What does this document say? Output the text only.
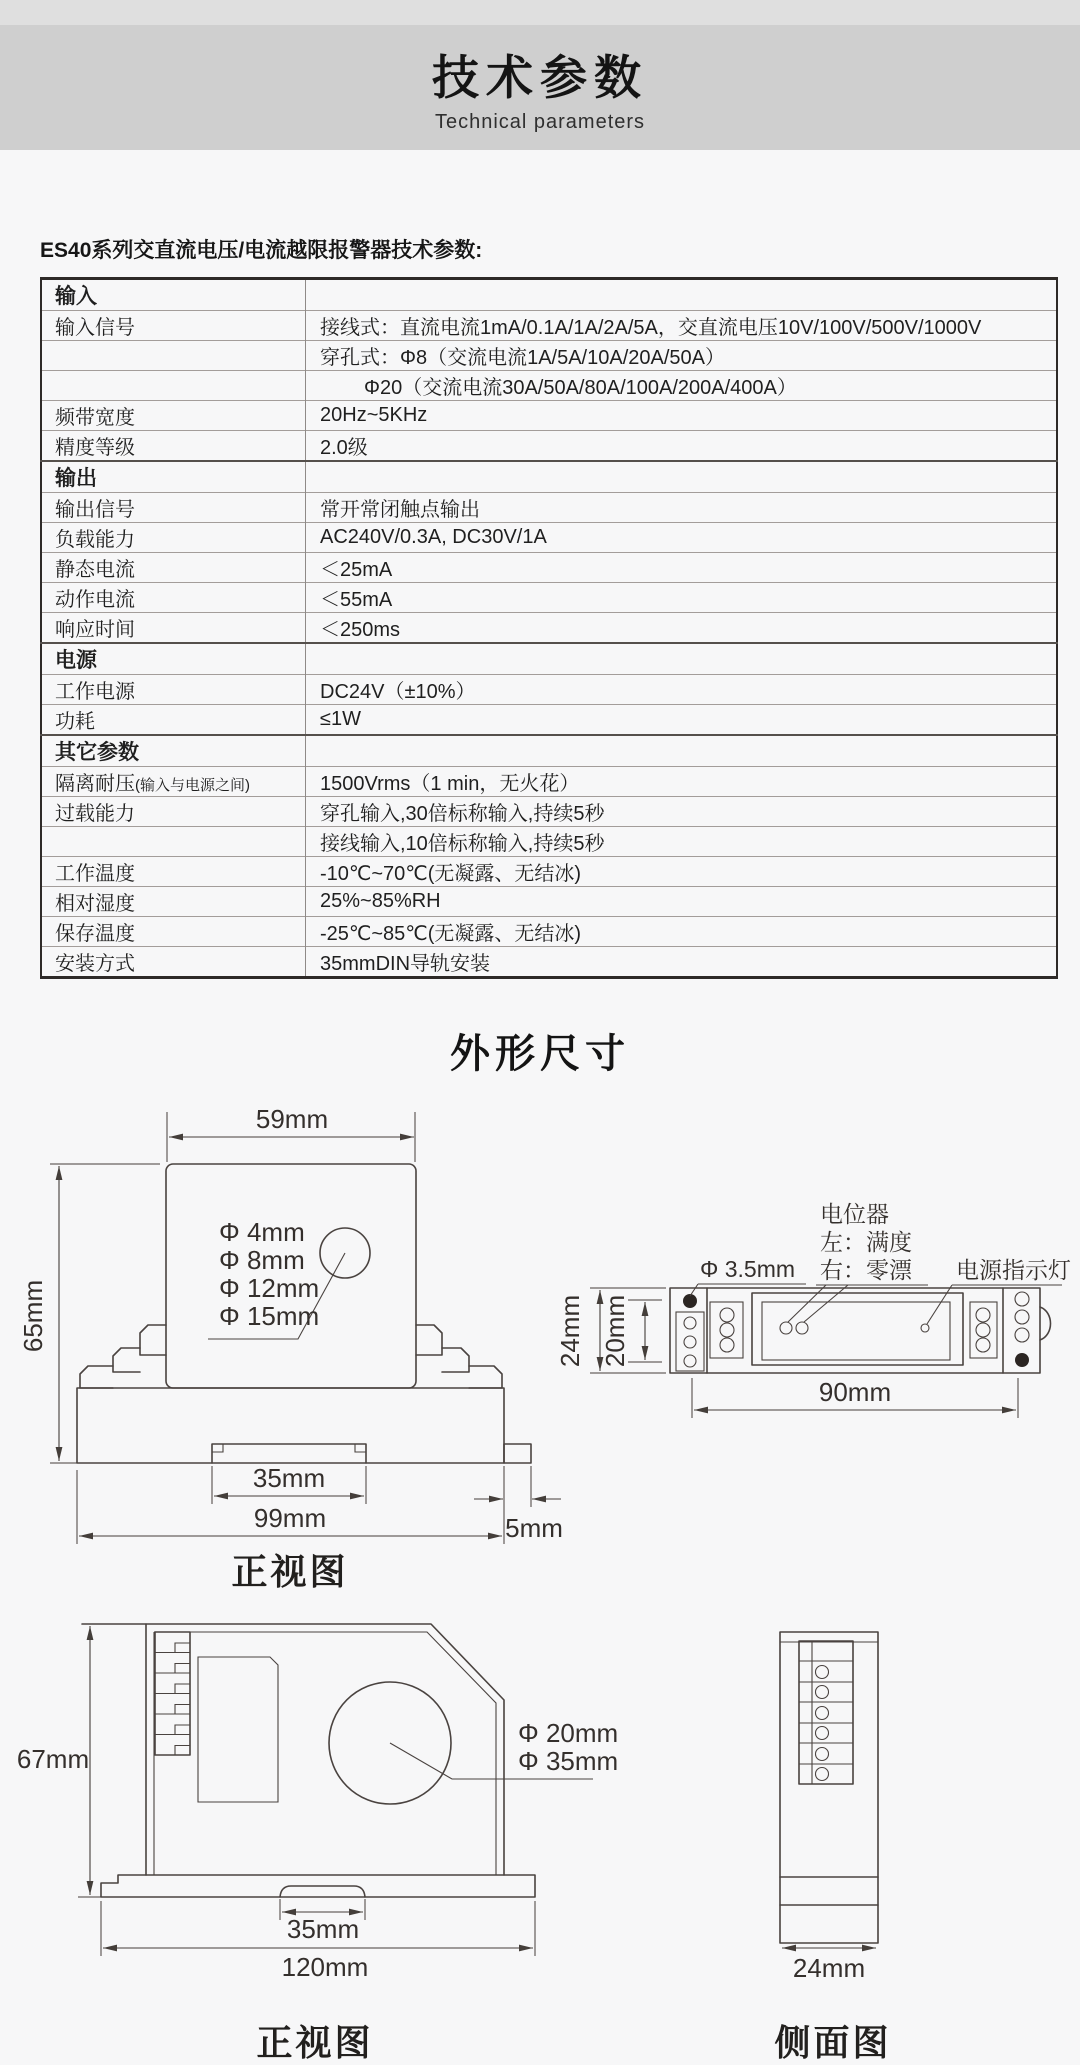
技术参数
Technical parameters
ES40系列交直流电压/电流越限报警器技术参数:
输入	
输入信号	接线式：直流电流1mA/0.1A/1A/2A/5A，交直流电压10V/100V/500V/1000V
	穿孔式：Φ8（交流电流1A/5A/10A/20A/50A）
	Φ20（交流电流30A/50A/80A/100A/200A/400A）
频带宽度	20Hz~5KHz
精度等级	2.0级
输出	
输出信号	常开常闭触点输出
负载能力	AC240V/0.3A, DC30V/1A
静态电流	＜25mA
动作电流	＜55mA
响应时间	＜250ms
电源	
工作电源	DC24V（±10%）
功耗	≤1W
其它参数	
隔离耐压(输入与电源之间)	1500Vrms（1 min，无火花）
过载能力	穿孔输入,30倍标称输入,持续5秒
	接线输入,10倍标称输入,持续5秒
工作温度	-10℃~70℃(无凝露、无结冰)
相对湿度	25%~85%RH
保存温度	-25℃~85℃(无凝露、无结冰)
安装方式	35mmDIN导轨安装
外形尺寸
Φ 4mm
Φ 8mm
Φ 12mm
Φ 15mm
59mm
65mm
35mm
99mm	5mm
正视图
24mm 20mm
90mm
Φ 3.5mm
电位器
左：满度
右：零漂 电源指示灯
Φ 20mm
Φ 35mm
67mm
35mm
120mm
正视图
24mm
侧面图
